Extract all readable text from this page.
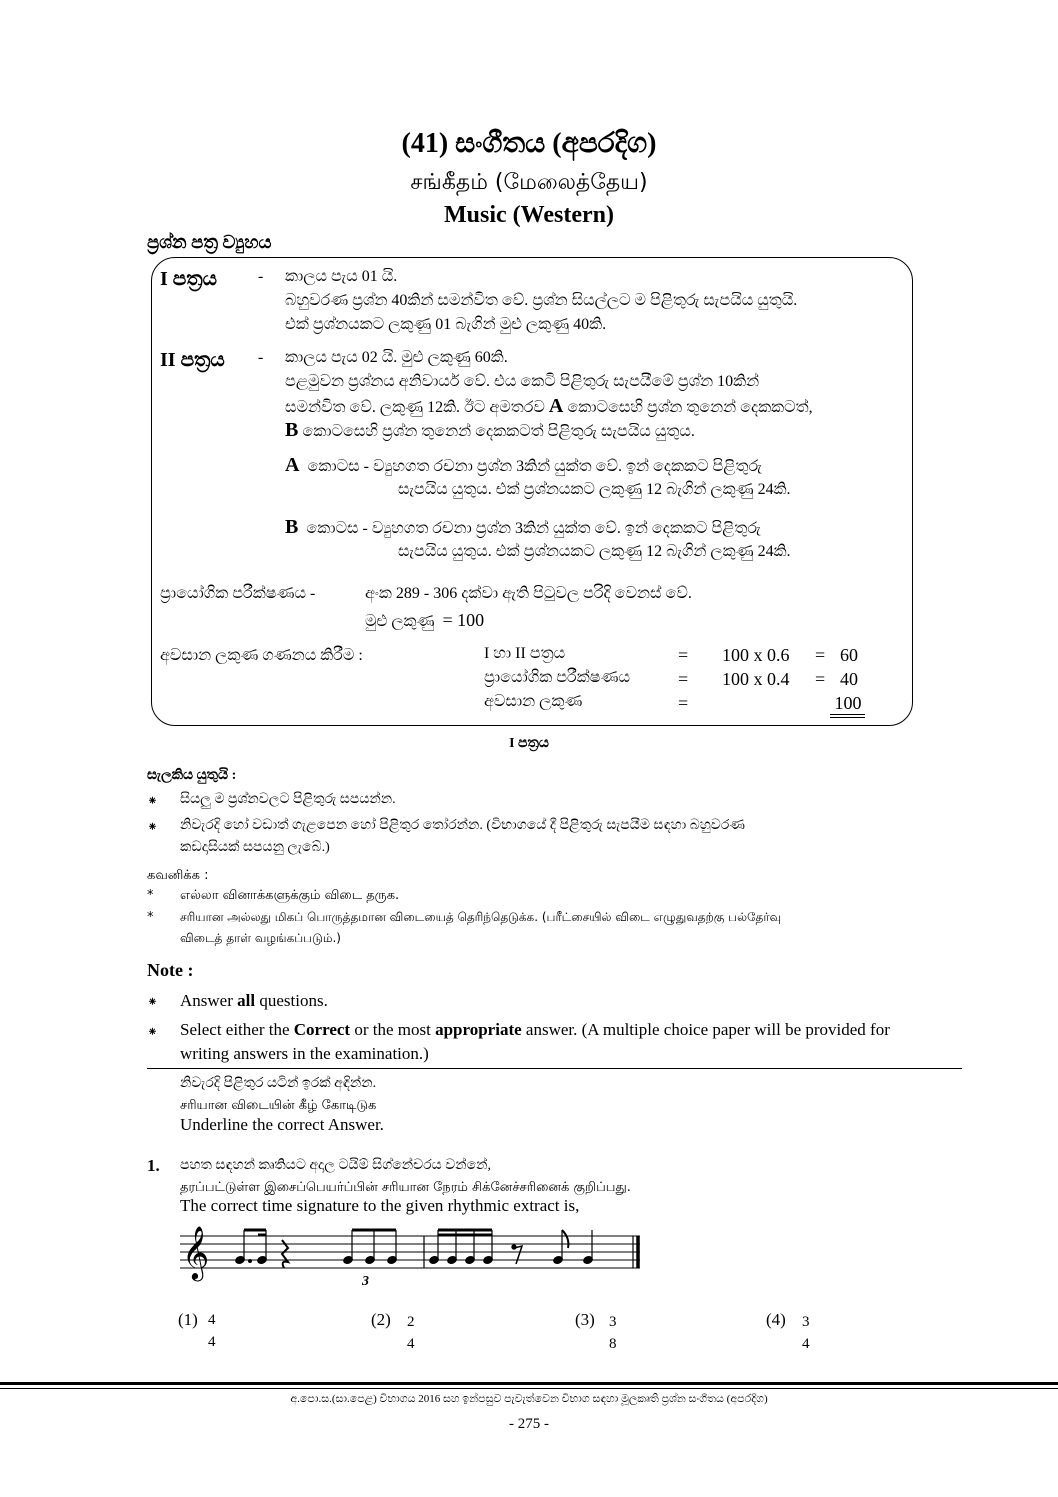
(41) සංගීතය (අපරදිග)
சங்கீதம் (மேலைத்தேய)
Music (Western)
ප්‍රශ්න පත්‍ර ව්‍යුහය
I පත්‍රය	- කාලය පැය 01 යි.
බහුවරණ ප්‍රශ්න 40කින් සමන්විත වේ. ප්‍රශ්න සියල්ලට ම පිළිතුරු සැපයිය යුතුයි.
එක් ප්‍රශ්නයකට ලකුණු 01 බැගින් මුළු ලකුණු 40කි.
II පත්‍රය - කාලය පැය 02 යි. මුළු ලකුණු 60කි.
පළමුවන ප්‍රශ්නය අනිවාර්ය වේ. එය කෙටි පිළිතුරු සැපයීමේ ප්‍රශ්න 10කින්
සමන්විත වේ. ලකුණු 12කි. ඊට අමතරව A කොටසෙහි ප්‍රශ්න තුනෙන් දෙකකටත්,
B කොටසෙහි ප්‍රශ්න තුනෙන් දෙකකටත් පිළිතුරු සැපයිය යුතුය.
A කොටස - ව්‍යුහගත රචනා ප්‍රශ්න 3කින් යුක්ත වේ. ඉන් දෙකකට පිළිතුරු
සැපයිය යුතුය. එක් ප්‍රශ්නයකට ලකුණු 12 බැගින් ලකුණු 24කි.
B කොටස - ව්‍යුහගත රචනා ප්‍රශ්න 3කින් යුක්ත වේ. ඉන් දෙකකට පිළිතුරු
සැපයිය යුතුය. එක් ප්‍රශ්නයකට ලකුණු 12 බැගින් ලකුණු 24කි.
ප්‍රායෝගික පරීක්ෂණය -	අංක 289 - 306 දක්වා ඇති පිටුවල පරිදි වෙනස් වේ.
මුළු ලකුණු = 100
අවසාන ලකුණ ගණනය කිරීම :	I හා II පත්‍රය	= 100 x 0.6 = 60
ප්‍රායෝගික පරීක්ෂණය	= 100 x 0.4 = 40
අවසාන ලකුණ	=	100
I පත්‍රය
සැලකිය යුතුයි :
⁕ සියලු ම ප්‍රශ්නවලට පිළිතුරු සපයන්න.
⁕ නිවැරදි හෝ වඩාත් ගැළපෙන හෝ පිළිතුර තෝරන්න. (විභාගයේ දී පිළිතුරු සැපයීම සඳහා බහුවරණ
කඩදාසියක් සපයනු ලැබේ.)
கவனிக்க :
* எல்லா வினாக்களுக்கும் விடை தருக.
* சரியான அல்லது மிகப் பொருத்தமான விடையைத் தெரிந்தெடுக்க. (பரீட்சையில் விடை எழுதுவதற்கு பல்தேர்வு
விடைத் தாள் வழங்கப்படும்.)
Note :
⁕ Answer all questions.
⁕ Select either the Correct or the most appropriate answer. (A multiple choice paper will be provided for
writing answers in the examination.)
නිවැරදි පිළිතුර යටින් ඉරක් අඳින්න.
சரியான விடையின் கீழ் கோடிடுக
Underline the correct Answer.
1. පහත සඳහන් කෘතියට අදාල ටයිම් සිග්නේචරය වන්නේ,
தரப்பட்டுள்ள இசைப்பெயர்ப்பின் சரியான நேரம் சிக்னேச்சரினைக் குறிப்பது.
The correct time signature to the given rhythmic extract is,
𝄞
3
(1) 4
4
(2) 2
4
(3) 3
8
(4) 3
4
අ.පො.ස.(සා.පෙළ) විභාගය 2016 සහ ඉන්පසුව පැවැත්වෙන විභාග සඳහා මූලකෘති ප්‍රශ්න සංගීතය (අපරදිග)
- 275 -
